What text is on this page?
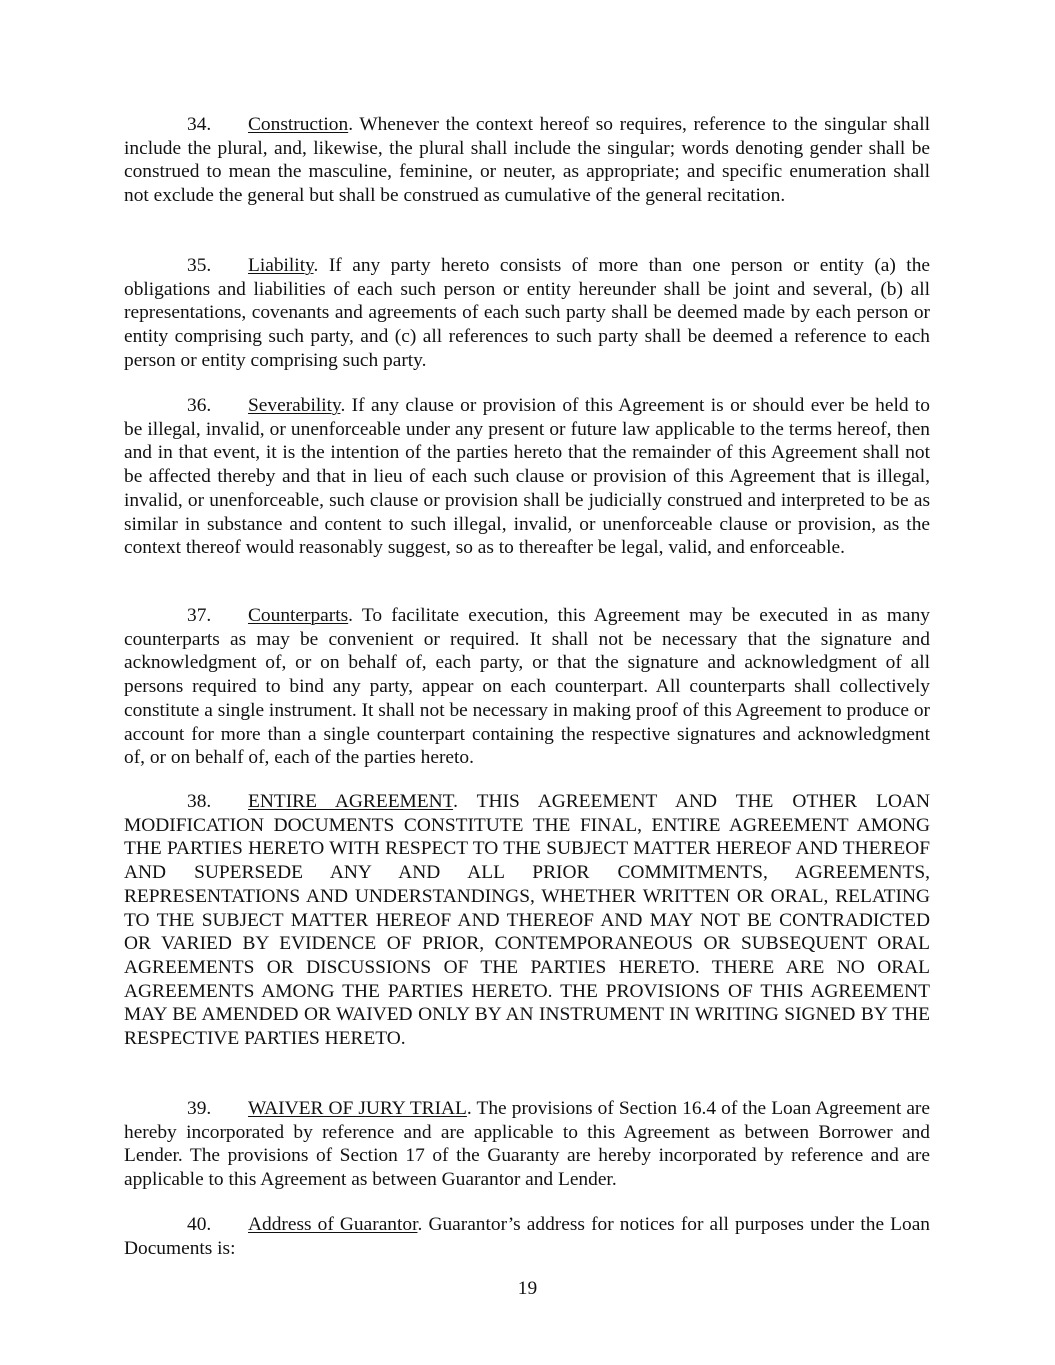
34. Construction. Whenever the context hereof so requires, reference to the singular shall include the plural, and, likewise, the plural shall include the singular; words denoting gender shall be construed to mean the masculine, feminine, or neuter, as appropriate; and specific enumeration shall not exclude the general but shall be construed as cumulative of the general recitation.

35. Liability. If any party hereto consists of more than one person or entity (a) the obligations and liabilities of each such person or entity hereunder shall be joint and several, (b) all representations, covenants and agreements of each such party shall be deemed made by each person or entity comprising such party, and (c) all references to such party shall be deemed a reference to each person or entity comprising such party.

36. Severability. If any clause or provision of this Agreement is or should ever be held to be illegal, invalid, or unenforceable under any present or future law applicable to the terms hereof, then and in that event, it is the intention of the parties hereto that the remainder of this Agreement shall not be affected thereby and that in lieu of each such clause or provision of this Agreement that is illegal, invalid, or unenforceable, such clause or provision shall be judicially construed and interpreted to be as similar in substance and content to such illegal, invalid, or unenforceable clause or provision, as the context thereof would reasonably suggest, so as to thereafter be legal, valid, and enforceable.

37. Counterparts. To facilitate execution, this Agreement may be executed in as many counterparts as may be convenient or required. It shall not be necessary that the signature and acknowledgment of, or on behalf of, each party, or that the signature and acknowledgment of all persons required to bind any party, appear on each counterpart. All counterparts shall collectively constitute a single instrument. It shall not be necessary in making proof of this Agreement to produce or account for more than a single counterpart containing the respective signatures and acknowledgment of, or on behalf of, each of the parties hereto.

38. ENTIRE AGREEMENT. THIS AGREEMENT AND THE OTHER LOAN MODIFICATION DOCUMENTS CONSTITUTE THE FINAL, ENTIRE AGREEMENT AMONG THE PARTIES HERETO WITH RESPECT TO THE SUBJECT MATTER HEREOF AND THEREOF AND SUPERSEDE ANY AND ALL PRIOR COMMITMENTS, AGREEMENTS, REPRESENTATIONS AND UNDERSTANDINGS, WHETHER WRITTEN OR ORAL, RELATING TO THE SUBJECT MATTER HEREOF AND THEREOF AND MAY NOT BE CONTRADICTED OR VARIED BY EVIDENCE OF PRIOR, CONTEMPORANEOUS OR SUBSEQUENT ORAL AGREEMENTS OR DISCUSSIONS OF THE PARTIES HERETO. THERE ARE NO ORAL AGREEMENTS AMONG THE PARTIES HERETO. THE PROVISIONS OF THIS AGREEMENT MAY BE AMENDED OR WAIVED ONLY BY AN INSTRUMENT IN WRITING SIGNED BY THE RESPECTIVE PARTIES HERETO.

39. WAIVER OF JURY TRIAL. The provisions of Section 16.4 of the Loan Agreement are hereby incorporated by reference and are applicable to this Agreement as between Borrower and Lender. The provisions of Section 17 of the Guaranty are hereby incorporated by reference and are applicable to this Agreement as between Guarantor and Lender.

40. Address of Guarantor. Guarantor’s address for notices for all purposes under the Loan Documents is:

19
